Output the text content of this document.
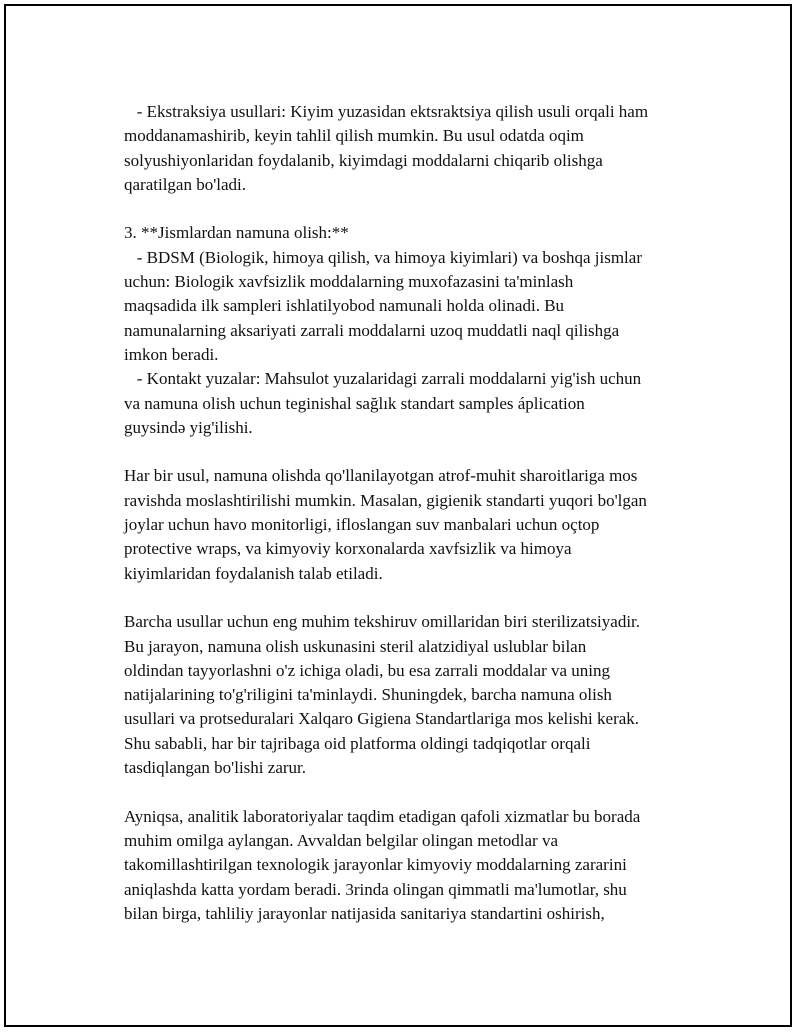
- Ekstraksiya usullari: Kiyim yuzasidan ektsraktsiya qilish usuli orqali ham
moddanamashirib, keyin tahlil qilish mumkin. Bu usul odatda oqim
solyushiyonlaridan foydalanib, kiyimdagi moddalarni chiqarib olishga
qaratilgan bo'ladi.
3. **Jismlardan namuna olish:**
- BDSM (Biologik, himoya qilish, va himoya kiyimlari) va boshqa jismlar
uchun: Biologik xavfsizlik moddalarning muxofazasini ta'minlash
maqsadida ilk sampleri ishlatilyobod namunali holda olinadi. Bu
namunalarning aksariyati zarrali moddalarni uzoq muddatli naql qilishga
imkon beradi.
- Kontakt yuzalar: Mahsulot yuzalaridagi zarrali moddalarni yig'ish uchun
va namuna olish uchun teginishal sağlık standart samples áplication
guysində yig'ilishi.
Har bir usul, namuna olishda qo'llanilayotgan atrof-muhit sharoitlariga mos
ravishda moslashtirilishi mumkin. Masalan, gigienik standarti yuqori bo'lgan
joylar uchun havo monitorligi, ifloslangan suv manbalari uchun oçtop
protective wraps, va kimyoviy korxonalarda xavfsizlik va himoya
kiyimlaridan foydalanish talab etiladi.
Barcha usullar uchun eng muhim tekshiruv omillaridan biri sterilizatsiyadir.
Bu jarayon, namuna olish uskunasini steril alatzidiyal uslublar bilan
oldindan tayyorlashni o'z ichiga oladi, bu esa zarrali moddalar va uning
natijalarining to'g'riligini ta'minlaydi. Shuningdek, barcha namuna olish
usullari va protseduralari Xalqaro Gigiena Standartlariga mos kelishi kerak.
Shu sababli, har bir tajribaga oid platforma oldingi tadqiqotlar orqali
tasdiqlangan bo'lishi zarur.
Ayniqsa, analitik laboratoriyalar taqdim etadigan qafoli xizmatlar bu borada
muhim omilga aylangan. Avvaldan belgilar olingan metodlar va
takomillashtirilgan texnologik jarayonlar kimyoviy moddalarning zararini
aniqlashda katta yordam beradi. 3rinda olingan qimmatli ma'lumotlar, shu
bilan birga, tahliliy jarayonlar natijasida sanitariya standartini oshirish,
